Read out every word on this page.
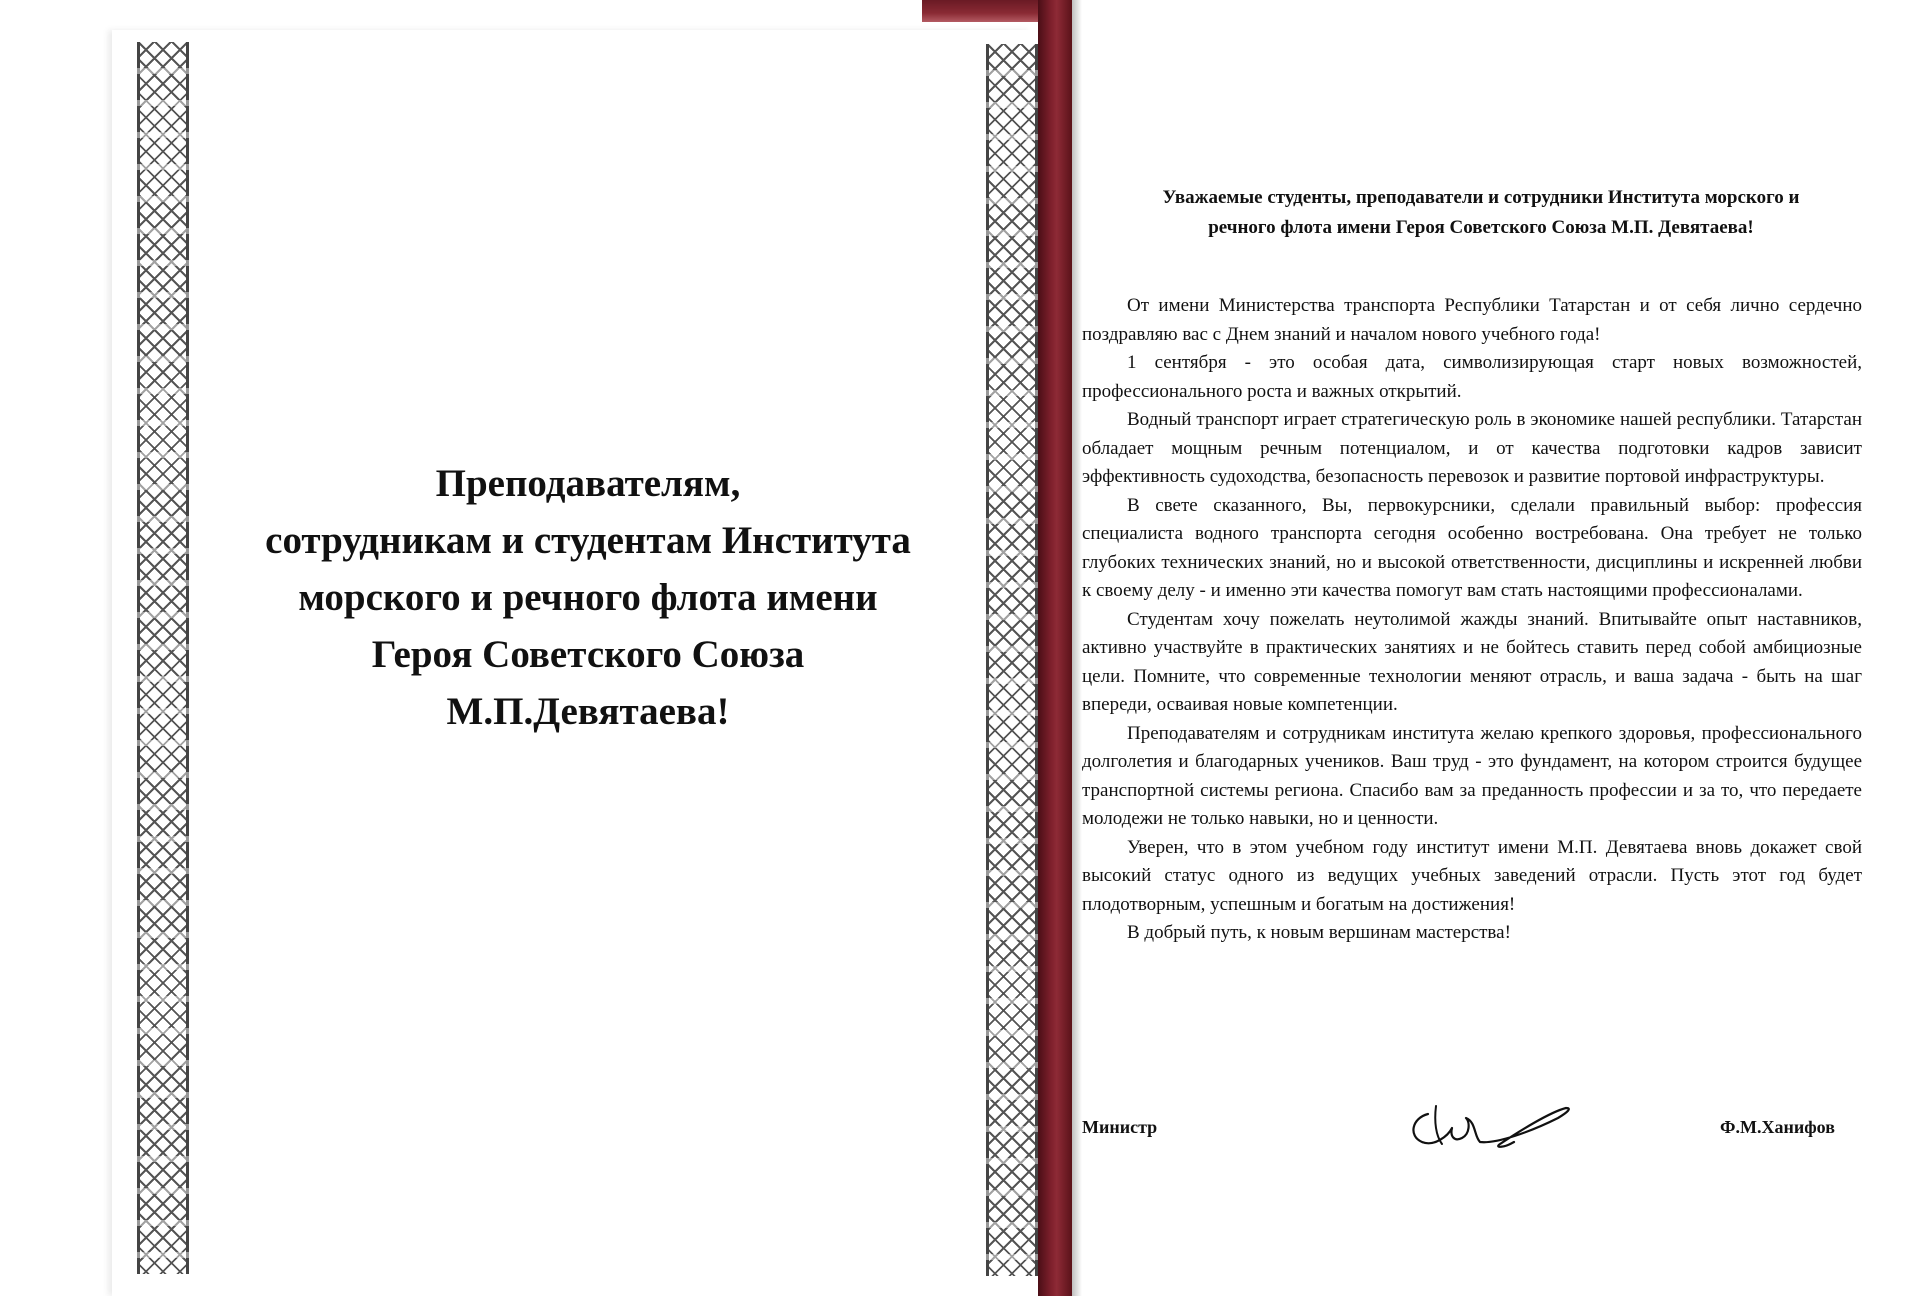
Преподавателям,
сотрудникам и студентам Института
морского и речного флота имени
Героя Советского Союза
М.П.Девятаева!
Уважаемые студенты, преподаватели и сотрудники Института морского и
речного флота имени Героя Советского Союза М.П. Девятаева!

От имени Министерства транспорта Республики Татарстан и от себя лично сердечно поздравляю вас с Днем знаний и началом нового учебного года!

1 сентября - это особая дата, символизирующая старт новых возможностей, профессионального роста и важных открытий.

Водный транспорт играет стратегическую роль в экономике нашей республики. Татарстан обладает мощным речным потенциалом, и от качества подготовки кадров зависит эффективность судоходства, безопасность перевозок и развитие портовой инфраструктуры.

В свете сказанного, Вы, первокурсники, сделали правильный выбор: профессия специалиста водного транспорта сегодня особенно востребована. Она требует не только глубоких технических знаний, но и высокой ответственности, дисциплины и искренней любви к своему делу - и именно эти качества помогут вам стать настоящими профессионалами.

Студентам хочу пожелать неутолимой жажды знаний. Впитывайте опыт наставников, активно участвуйте в практических занятиях и не бойтесь ставить перед собой амбициозные цели. Помните, что современные технологии меняют отрасль, и ваша задача - быть на шаг впереди, осваивая новые компетенции.

Преподавателям и сотрудникам института желаю крепкого здоровья, профессионального долголетия и благодарных учеников. Ваш труд - это фундамент, на котором строится будущее транспортной системы региона. Спасибо вам за преданность профессии и за то, что передаете молодежи не только навыки, но и ценности.

Уверен, что в этом учебном году институт имени М.П. Девятаева вновь докажет свой высокий статус одного из ведущих учебных заведений отрасли. Пусть этот год будет плодотворным, успешным и богатым на достижения!

В добрый путь, к новым вершинам мастерства!

Министр	Ф.М.Ханифов
